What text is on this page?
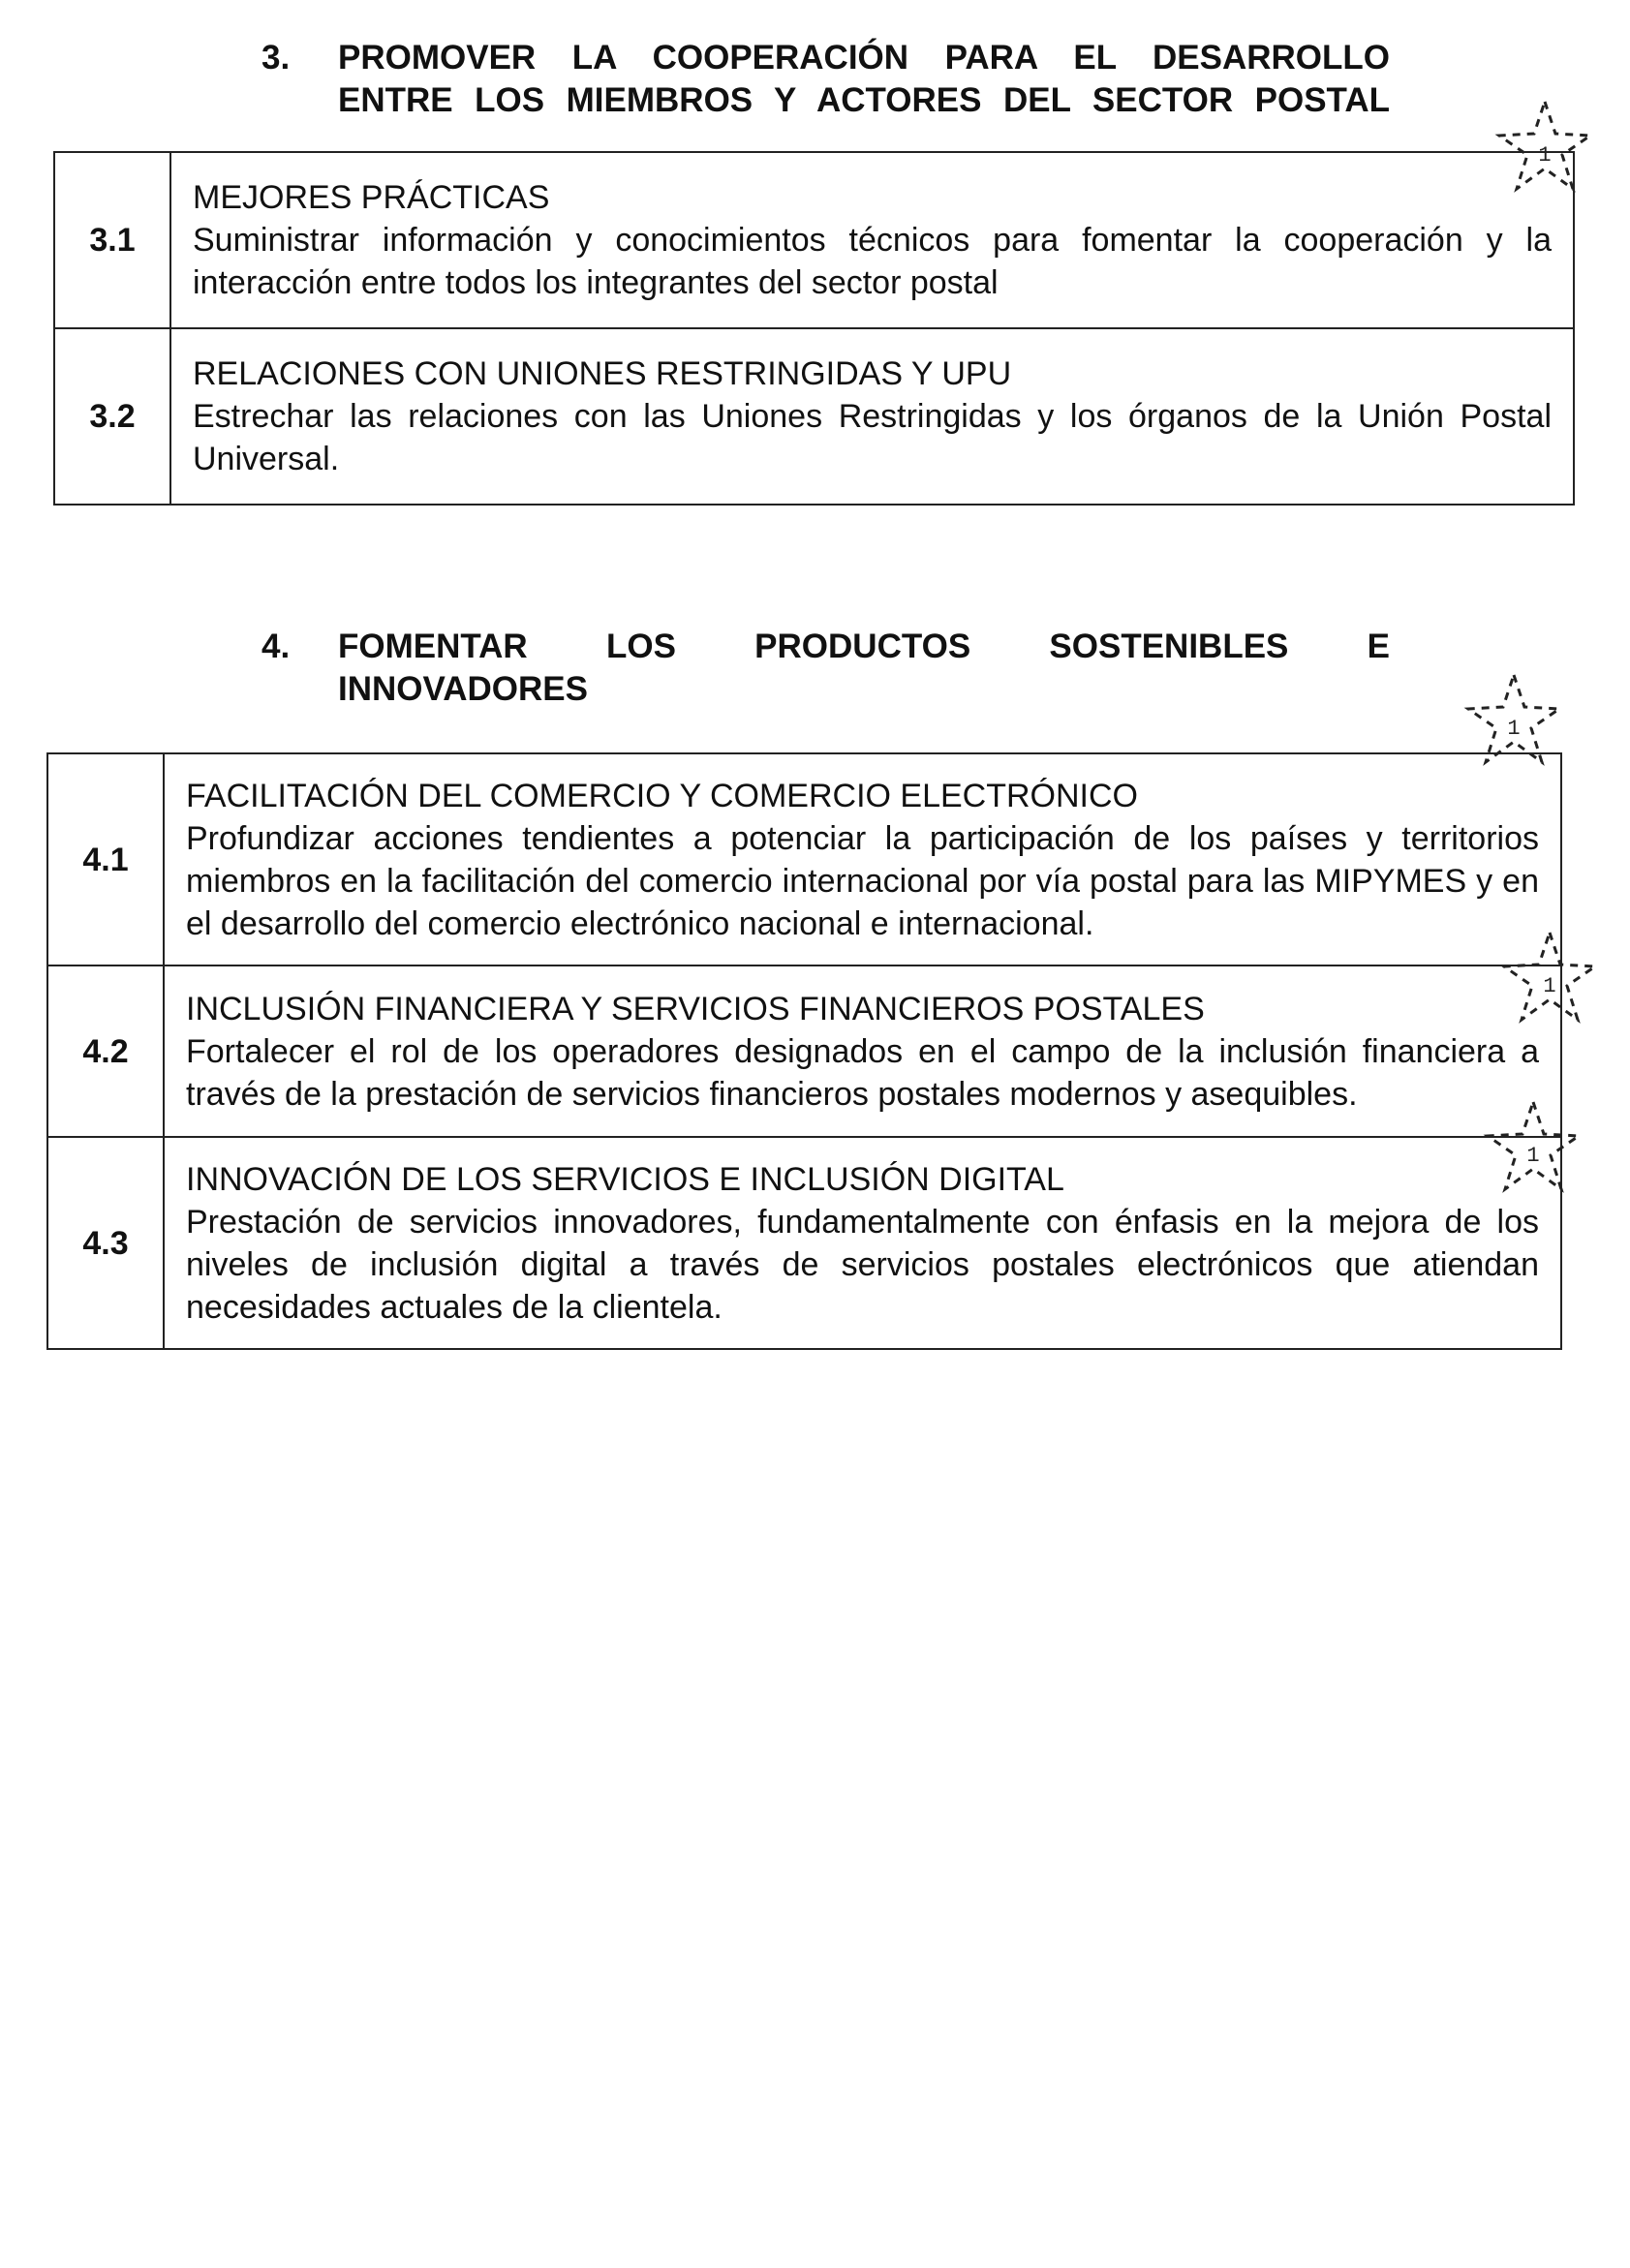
3.	PROMOVER LA COOPERACIÓN PARA EL DESARROLLO
ENTRE LOS MIEMBROS Y ACTORES DEL SECTOR POSTAL
3.1	MEJORES PRÁCTICAS
Suministrar información y conocimientos técnicos para fomentar la cooperación y la interacción entre todos los integrantes del sector postal

3.2	RELACIONES CON UNIONES RESTRINGIDAS Y UPU
Estrechar las relaciones con las Uniones Restringidas y los órganos de la Unión Postal Universal.
4.	FOMENTAR LOS PRODUCTOS SOSTENIBLES E
INNOVADORES
4.1	FACILITACIÓN DEL COMERCIO Y COMERCIO ELECTRÓNICO
Profundizar acciones tendientes a potenciar la participación de los países y territorios miembros en la facilitación del comercio internacional por vía postal para las MIPYMES y en el desarrollo del comercio electrónico nacional e internacional.

4.2	INCLUSIÓN FINANCIERA Y SERVICIOS FINANCIEROS POSTALES
Fortalecer el rol de los operadores designados en el campo de la inclusión financiera a través de la prestación de servicios financieros postales modernos y asequibles.

4.3	INNOVACIÓN DE LOS SERVICIOS E INCLUSIÓN DIGITAL
Prestación de servicios innovadores, fundamentalmente con énfasis en la mejora de los niveles de inclusión digital a través de servicios postales electrónicos que atiendan necesidades actuales de la clientela.
1
1
1
1
